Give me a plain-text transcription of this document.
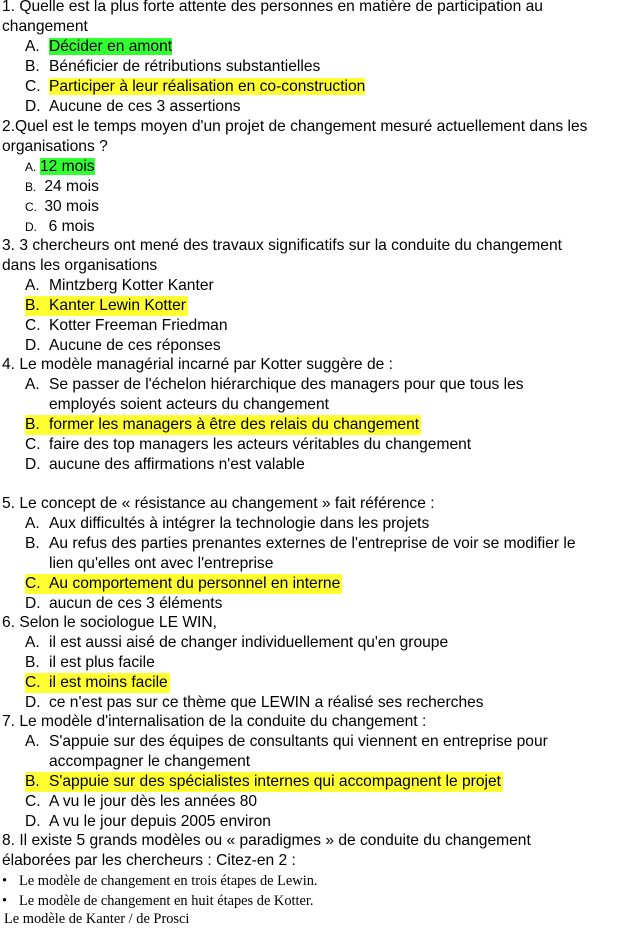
1. Quelle est la plus forte attente des personnes en matière de participation au
changement
A. Décider en amont
B. Bénéficier de rétributions substantielles
C. Participer à leur réalisation en co-construction
D. Aucune de ces 3 assertions
2.Quel est le temps moyen d'un projet de changement mesuré actuellement dans les
organisations ?
A. 12 mois
B. 24 mois
C. 30 mois
D.  6 mois
3. 3 chercheurs ont mené des travaux significatifs sur la conduite du changement
dans les organisations
A. Mintzberg Kotter Kanter
B. Kanter Lewin Kotter
C. Kotter Freeman Friedman
D. Aucune de ces réponses
4. Le modèle managérial incarné par Kotter suggère de :
A. Se passer de l'échelon hiérarchique des managers pour que tous les
employés soient acteurs du changement
B. former les managers à être des relais du changement
C. faire des top managers les acteurs véritables du changement
D. aucune des affirmations n'est valable
5. Le concept de « résistance au changement » fait référence :
A. Aux difficultés à intégrer la technologie dans les projets
B. Au refus des parties prenantes externes de l'entreprise de voir se modifier le
lien qu'elles ont avec l'entreprise
C. Au comportement du personnel en interne
D. aucun de ces 3 éléments
6. Selon le sociologue LE WIN,
A. il est aussi aisé de changer individuellement qu'en groupe
B. il est plus facile
C. il est moins facile
D. ce n'est pas sur ce thème que LEWIN a réalisé ses recherches
7. Le modèle d'internalisation de la conduite du changement :
A. S'appuie sur des équipes de consultants qui viennent en entreprise pour
accompagner le changement
B. S'appuie sur des spécialistes internes qui accompagnent le projet
C. A vu le jour dès les années 80
D. A vu le jour depuis 2005 environ
8. Il existe 5 grands modèles ou « paradigmes » de conduite du changement
élaborées par les chercheurs : Citez-en 2 :
• Le modèle de changement en trois étapes de Lewin.
• Le modèle de changement en huit étapes de Kotter.
Le modèle de Kanter / de Prosci
